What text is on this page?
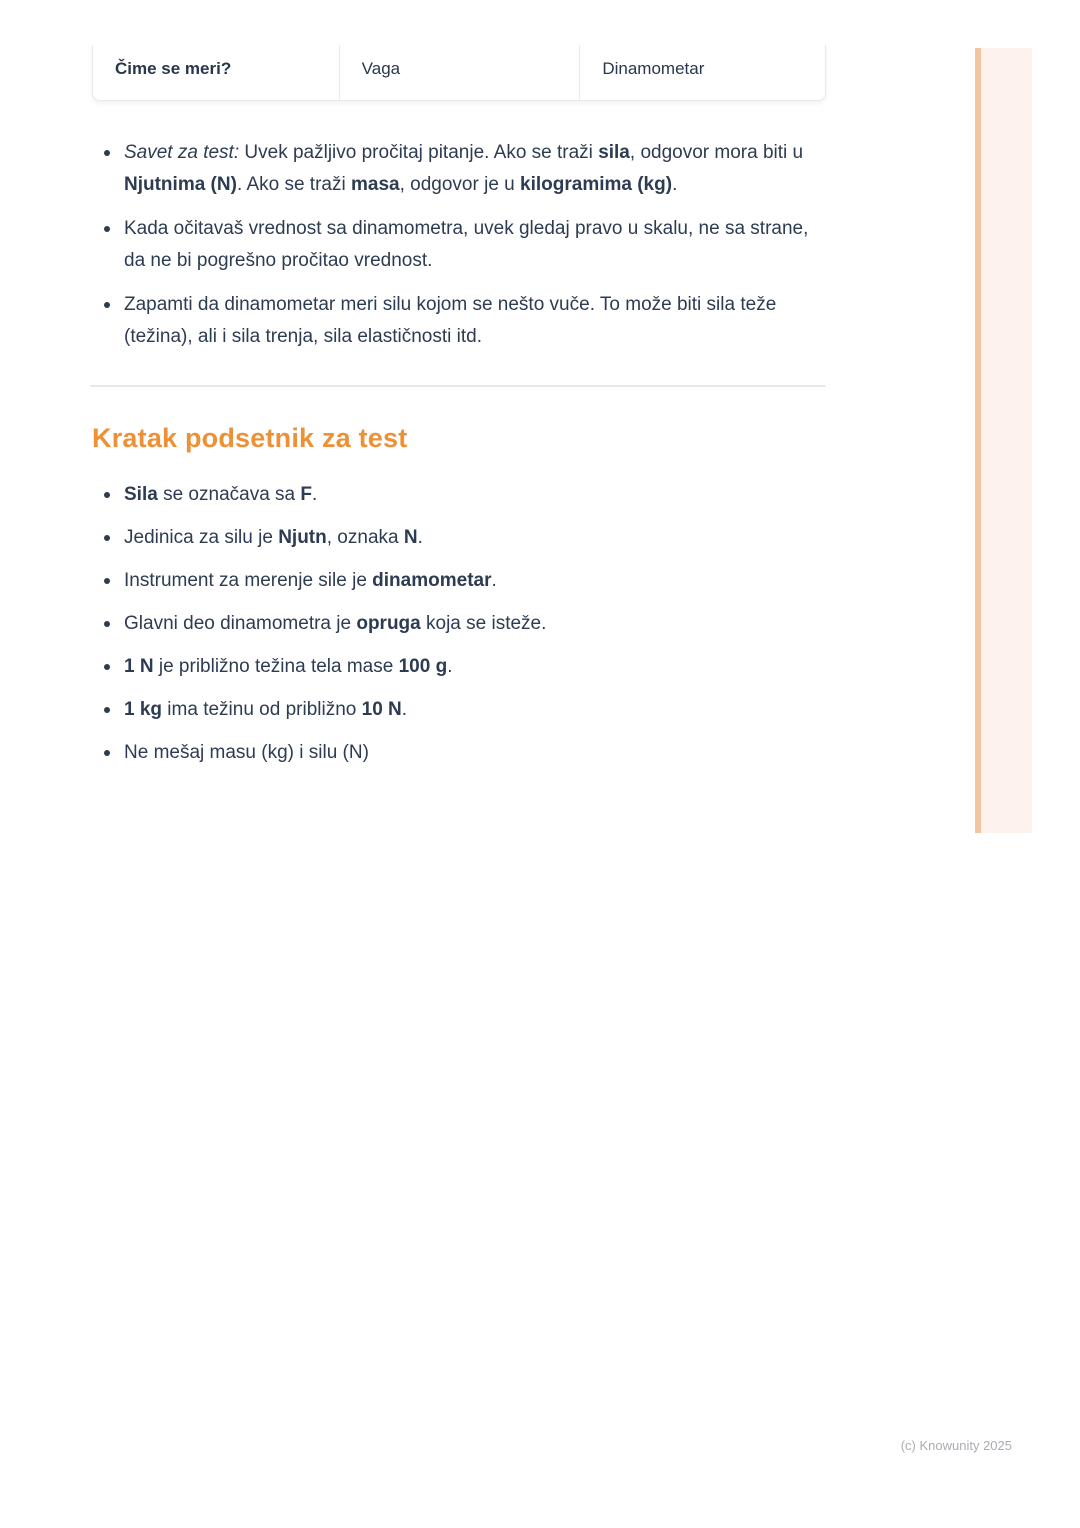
Čime se meri?	Vaga	Dinamometar
Savet za test: Uvek pažljivo pročitaj pitanje. Ako se traži sila, odgovor mora biti u
Njutnima (N). Ako se traži masa, odgovor je u kilogramima (kg).
Kada očitavaš vrednost sa dinamometra, uvek gledaj pravo u skalu, ne sa strane,
da ne bi pogrešno pročitao vrednost.
Zapamti da dinamometar meri silu kojom se nešto vuče. To može biti sila teže
(težina), ali i sila trenja, sila elastičnosti itd.
Kratak podsetnik za test
Sila se označava sa F.
Jedinica za silu je Njutn, oznaka N.
Instrument za merenje sile je dinamometar.
Glavni deo dinamometra je opruga koja se isteže.
1 N je približno težina tela mase 100 g.
1 kg ima težinu od približno 10 N.
Ne mešaj masu (kg) i silu (N)
(c) Knowunity 2025
